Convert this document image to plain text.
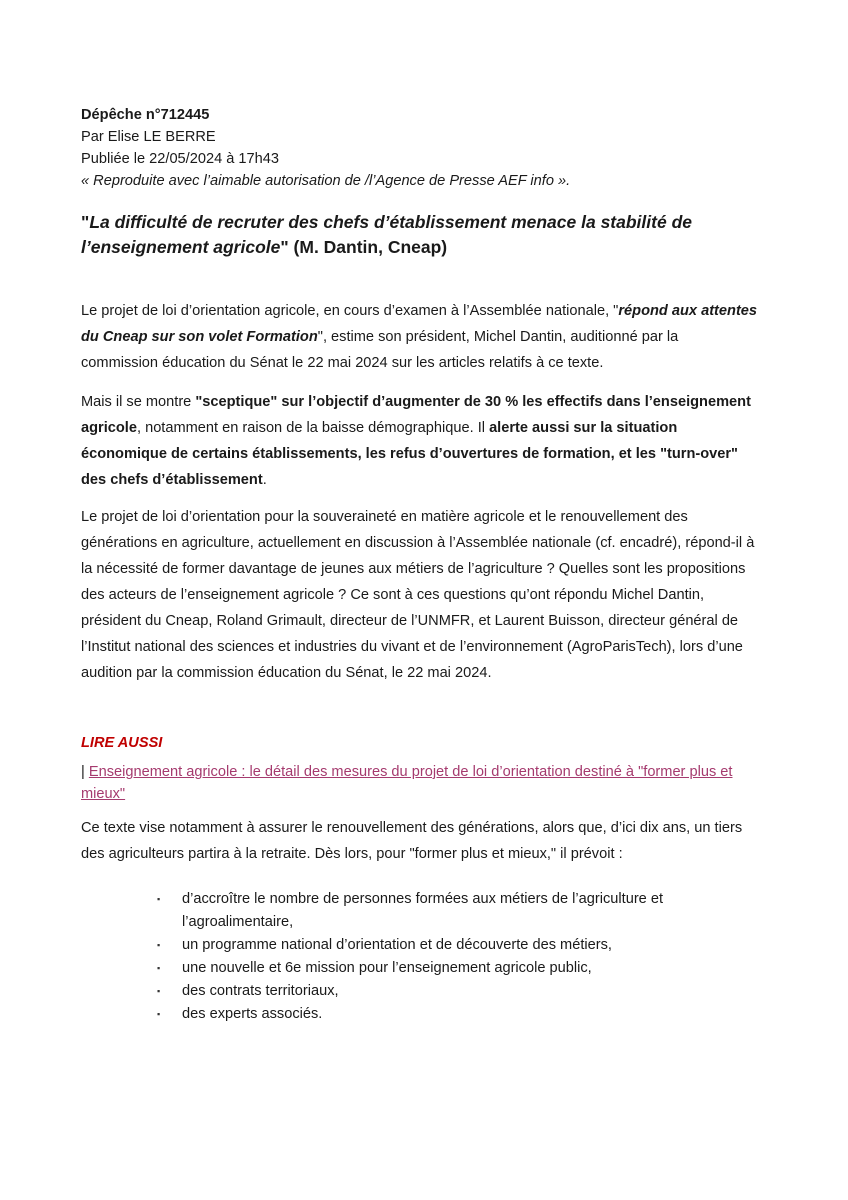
Dépêche n°712445
Par Elise LE BERRE
Publiée le 22/05/2024 à 17h43
« Reproduite avec l’aimable autorisation de /l’Agence de Presse AEF info ».
"La difficulté de recruter des chefs d’établissement menace la stabilité de l’enseignement agricole" (M. Dantin, Cneap)

Le projet de loi d’orientation agricole, en cours d’examen à l’Assemblée nationale, "répond aux attentes du Cneap sur son volet Formation", estime son président, Michel Dantin, auditionné par la commission éducation du Sénat le 22 mai 2024 sur les articles relatifs à ce texte.

Mais il se montre "sceptique" sur l’objectif d’augmenter de 30 % les effectifs dans l’enseignement agricole, notamment en raison de la baisse démographique. Il alerte aussi sur la situation économique de certains établissements, les refus d’ouvertures de formation, et les "turn-over" des chefs d’établissement.

Le projet de loi d’orientation pour la souveraineté en matière agricole et le renouvellement des générations en agriculture, actuellement en discussion à l’Assemblée nationale (cf. encadré), répond-il à la nécessité de former davantage de jeunes aux métiers de l’agriculture ? Quelles sont les propositions des acteurs de l’enseignement agricole ? Ce sont à ces questions qu’ont répondu Michel Dantin, président du Cneap, Roland Grimault, directeur de l’UNMFR, et Laurent Buisson, directeur général de l’Institut national des sciences et industries du vivant et de l’environnement (AgroParisTech), lors d’une audition par la commission éducation du Sénat, le 22 mai 2024.

LIRE AUSSI
| Enseignement agricole : le détail des mesures du projet de loi d’orientation destiné à "former plus et mieux"

Ce texte vise notamment à assurer le renouvellement des générations, alors que, d’ici dix ans, un tiers des agriculteurs partira à la retraite. Dès lors, pour "former plus et mieux," il prévoit :

▪ d’accroître le nombre de personnes formées aux métiers de l’agriculture et l’agroalimentaire,
▪ un programme national d’orientation et de découverte des métiers,
▪ une nouvelle et 6e mission pour l’enseignement agricole public,
▪ des contrats territoriaux,
▪ des experts associés.
